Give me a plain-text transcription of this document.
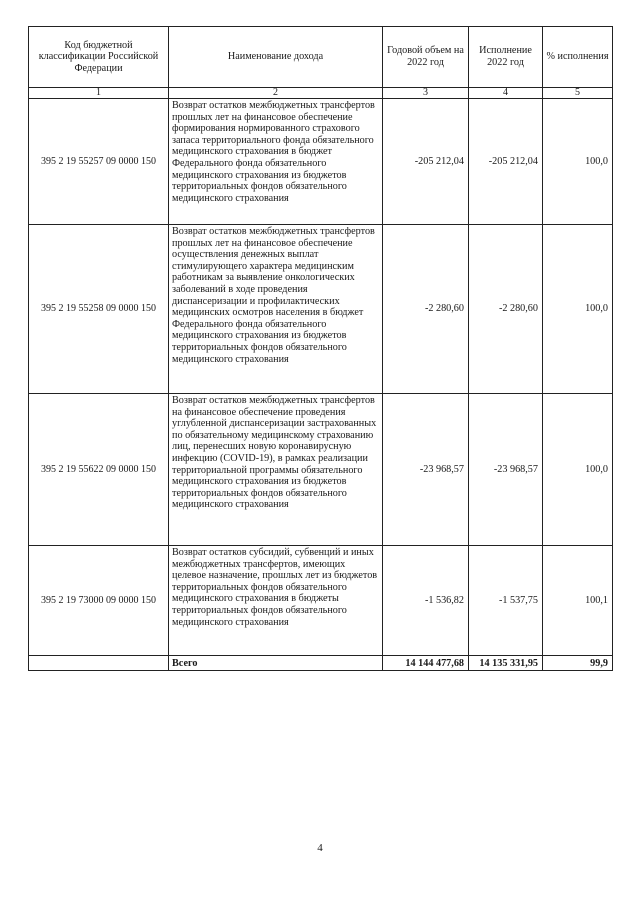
Код бюджетной классификации Российской Федерации	Наименование дохода	Годовой объем на 2022 год	Исполнение 2022 год	% исполнения
1	2	3	4	5
395 2 19 55257 09 0000 150	Возврат остатков межбюджетных трансфертов прошлых лет на финансовое обеспечение формирования нормированного страхового запаса территориального фонда обязательного медицинского страхования в бюджет Федерального фонда обязательного медицинского страхования из бюджетов территориальных фондов обязательного медицинского страхования	-205 212,04	-205 212,04	100,0
395 2 19 55258 09 0000 150	Возврат остатков межбюджетных трансфертов прошлых лет на финансовое обеспечение осуществления денежных выплат стимулирующего характера медицинским работникам за выявление онкологических заболеваний в ходе проведения диспансеризации и профилактических медицинских осмотров населения в бюджет Федерального фонда обязательного медицинского страхования из бюджетов территориальных фондов обязательного медицинского страхования	-2 280,60	-2 280,60	100,0
395 2 19 55622 09 0000 150	Возврат остатков межбюджетных трансфертов на финансовое обеспечение проведения углубленной диспансеризации застрахованных по обязательному медицинскому страхованию лиц, перенесших новую коронавирусную инфекцию (COVID-19), в рамках реализации территориальной программы обязательного медицинского страхования из бюджетов территориальных фондов обязательного медицинского страхования	-23 968,57	-23 968,57	100,0
395 2 19 73000 09 0000 150	Возврат остатков субсидий, субвенций и иных межбюджетных трансфертов, имеющих целевое назначение, прошлых лет из бюджетов территориальных фондов обязательного медицинского страхования в бюджеты территориальных фондов обязательного медицинского страхования	-1 536,82	-1 537,75	100,1
	Всего	14 144 477,68	14 135 331,95	99,9
4
